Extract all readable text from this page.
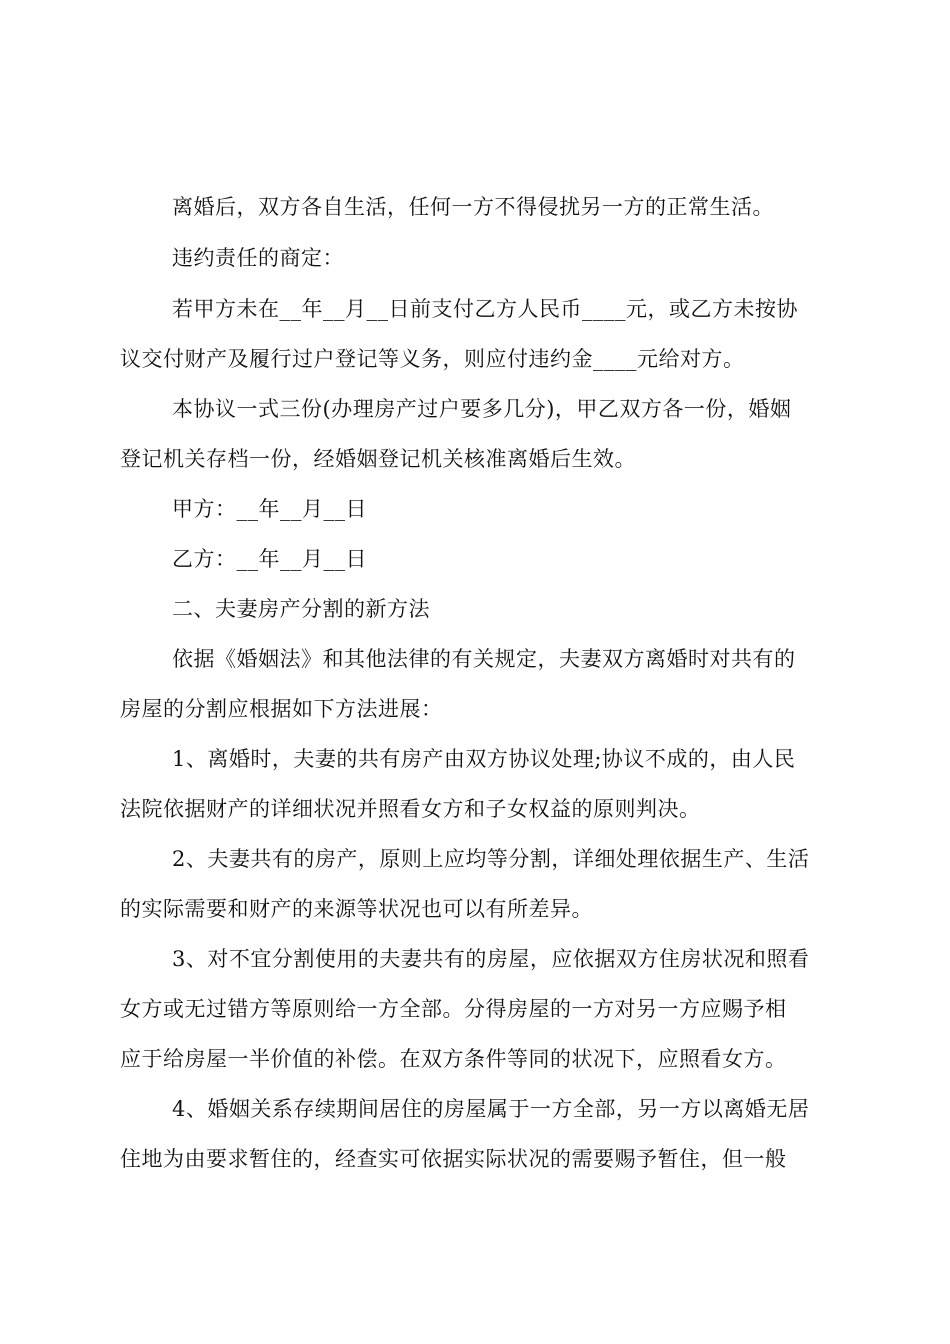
离婚后，双方各自生活，任何一方不得侵扰另一方的正常生活。
违约责任的商定：
若甲方未在__年__月__日前支付乙方人民币____元，或乙方未按协
议交付财产及履行过户登记等义务，则应付违约金____元给对方。
本协议一式三份(办理房产过户要多几分)，甲乙双方各一份，婚姻
登记机关存档一份，经婚姻登记机关核准离婚后生效。
甲方：__年__月__日
乙方：__年__月__日
二、夫妻房产分割的新方法
依据《婚姻法》和其他法律的有关规定，夫妻双方离婚时对共有的
房屋的分割应根据如下方法进展：
1、离婚时，夫妻的共有房产由双方协议处理;协议不成的，由人民
法院依据财产的详细状况并照看女方和子女权益的原则判决。
2、夫妻共有的房产，原则上应均等分割，详细处理依据生产、生活
的实际需要和财产的来源等状况也可以有所差异。
3、对不宜分割使用的夫妻共有的房屋，应依据双方住房状况和照看
女方或无过错方等原则给一方全部。分得房屋的一方对另一方应赐予相
应于给房屋一半价值的补偿。在双方条件等同的状况下，应照看女方。
4、婚姻关系存续期间居住的房屋属于一方全部，另一方以离婚无居
住地为由要求暂住的，经查实可依据实际状况的需要赐予暂住，但一般
